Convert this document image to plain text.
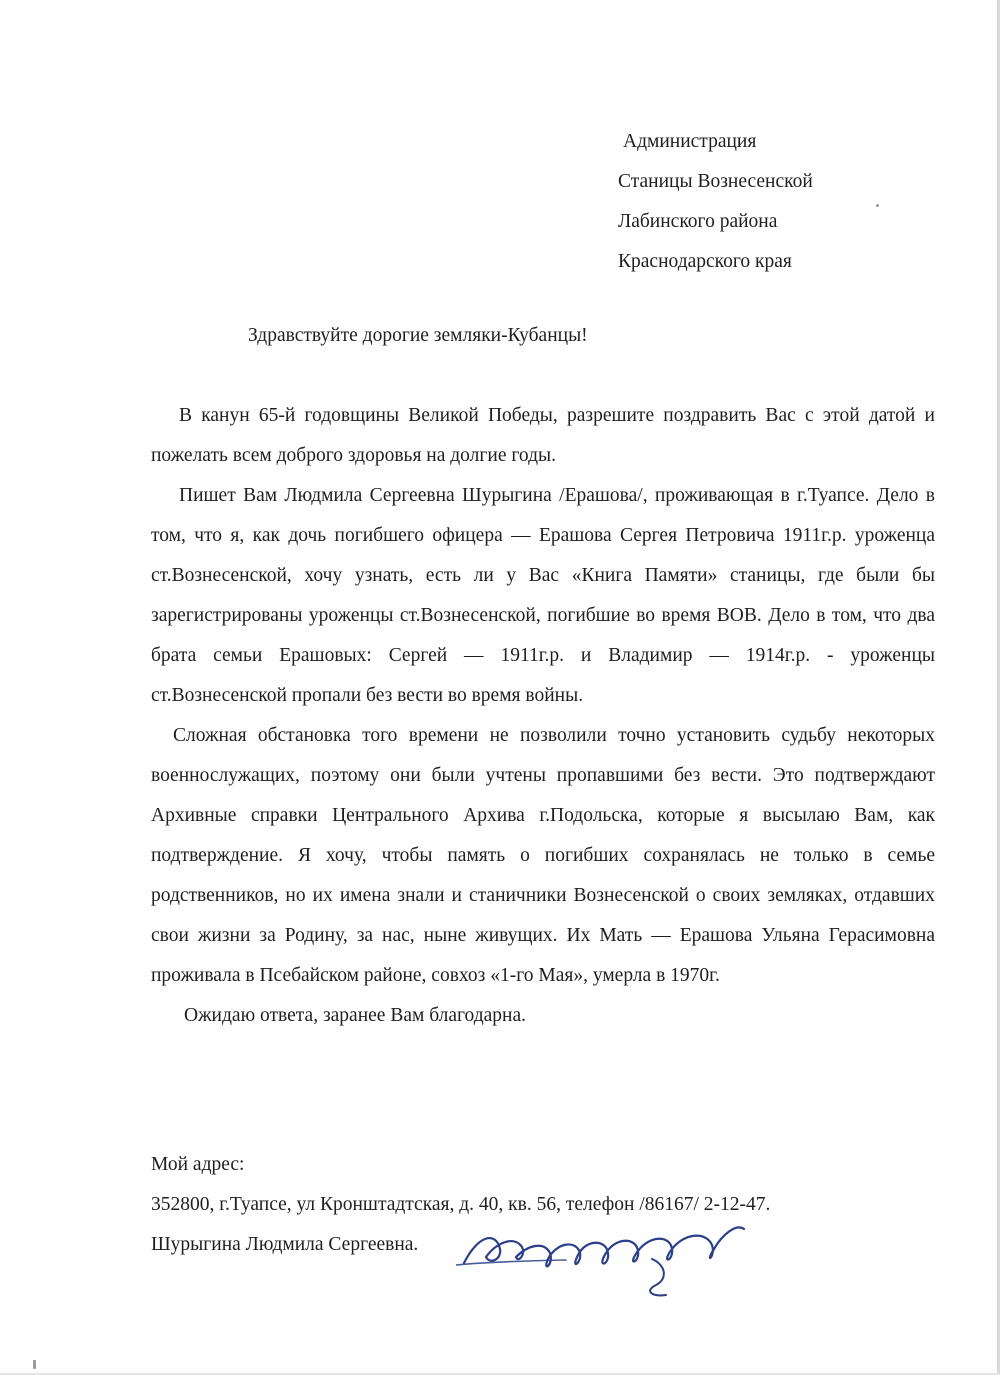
Администрация
Станицы Вознесенской
Лабинского района
Краснодарского края
Здравствуйте дорогие земляки-Кубанцы!

В канун 65-й годовщины Великой Победы, разрешите поздравить Вас с этой датой и пожелать всем доброго здоровья на долгие годы.

Пишет Вам Людмила Сергеевна Шурыгина /Ерашова/, проживающая в г.Туапсе. Дело в том, что я, как дочь погибшего офицера — Ерашова Сергея Петровича 1911г.р. уроженца ст.Вознесенской, хочу узнать, есть ли у Вас «Книга Памяти» станицы, где были бы зарегистрированы уроженцы ст.Вознесенской, погибшие во время ВОВ. Дело в том, что два брата семьи Ерашовых: Сергей — 1911г.р. и Владимир — 1914г.р. - уроженцы ст.Вознесенской пропали без вести во время войны.

Сложная обстановка того времени не позволили точно установить судьбу некоторых военнослужащих, поэтому они были учтены пропавшими без вести. Это подтверждают Архивные справки Центрального Архива г.Подольска, которые я высылаю Вам, как подтверждение. Я хочу, чтобы память о погибших сохранялась не только в семье родственников, но их имена знали и станичники Вознесенской о своих земляках, отдавших свои жизни за Родину, за нас, ныне живущих. Их Мать — Ерашова Ульяна Герасимовна проживала в Псебайском районе, совхоз «1-го Мая», умерла в 1970г.

Ожидаю ответа, заранее Вам благодарна.

Мой адрес:
352800, г.Туапсе, ул Кронштадтская, д. 40, кв. 56, телефон /86167/ 2-12-47.
Шурыгина Людмила Сергеевна.
